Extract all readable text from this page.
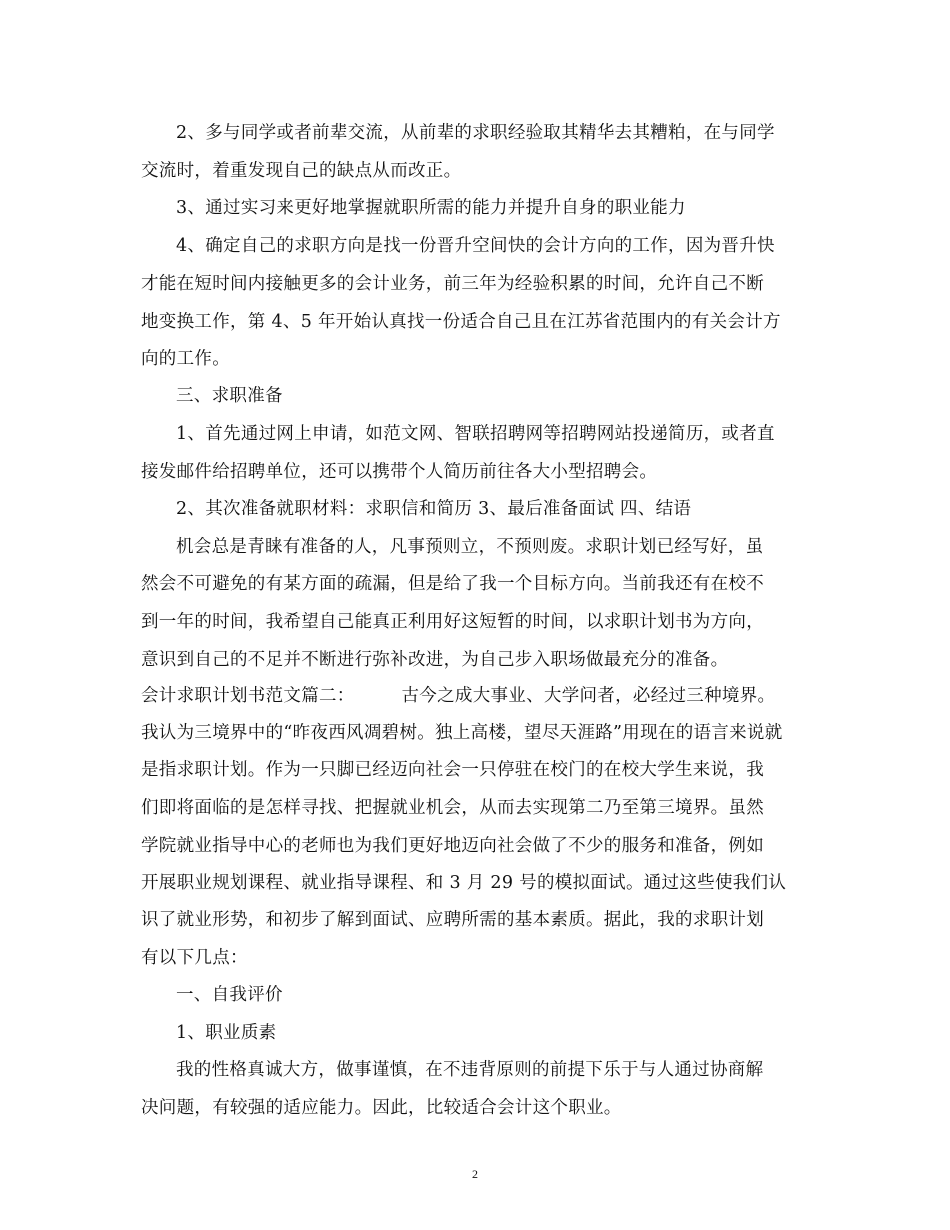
2、多与同学或者前辈交流，从前辈的求职经验取其精华去其糟粕，在与同学
交流时，着重发现自己的缺点从而改正。
3、通过实习来更好地掌握就职所需的能力并提升自身的职业能力
4、确定自己的求职方向是找一份晋升空间快的会计方向的工作，因为晋升快
才能在短时间内接触更多的会计业务，前三年为经验积累的时间，允许自己不断
地变换工作，第 4、5 年开始认真找一份适合自己且在江苏省范围内的有关会计方
向的工作。
三、求职准备
1、首先通过网上申请，如范文网、智联招聘网等招聘网站投递简历，或者直
接发邮件给招聘单位，还可以携带个人简历前往各大小型招聘会。
2、其次准备就职材料：求职信和简历 3、最后准备面试 四、结语
机会总是青睐有准备的人，凡事预则立，不预则废。求职计划已经写好，虽
然会不可避免的有某方面的疏漏，但是给了我一个目标方向。当前我还有在校不
到一年的时间，我希望自己能真正利用好这短暂的时间，以求职计划书为方向，
意识到自己的不足并不断进行弥补改进，为自己步入职场做最充分的准备。
会计求职计划书范文篇二：        古今之成大事业、大学问者，必经过三种境界。
我认为三境界中的“昨夜西风凋碧树。独上高楼，望尽天涯路”用现在的语言来说就
是指求职计划。作为一只脚已经迈向社会一只停驻在校门的在校大学生来说，我
们即将面临的是怎样寻找、把握就业机会，从而去实现第二乃至第三境界。虽然
学院就业指导中心的老师也为我们更好地迈向社会做了不少的服务和准备，例如
开展职业规划课程、就业指导课程、和 3 月 29 号的模拟面试。通过这些使我们认
识了就业形势，和初步了解到面试、应聘所需的基本素质。据此，我的求职计划
有以下几点：
一、自我评价
1、职业质素
我的性格真诚大方，做事谨慎，在不违背原则的前提下乐于与人通过协商解
决问题，有较强的适应能力。因此，比较适合会计这个职业。
2
